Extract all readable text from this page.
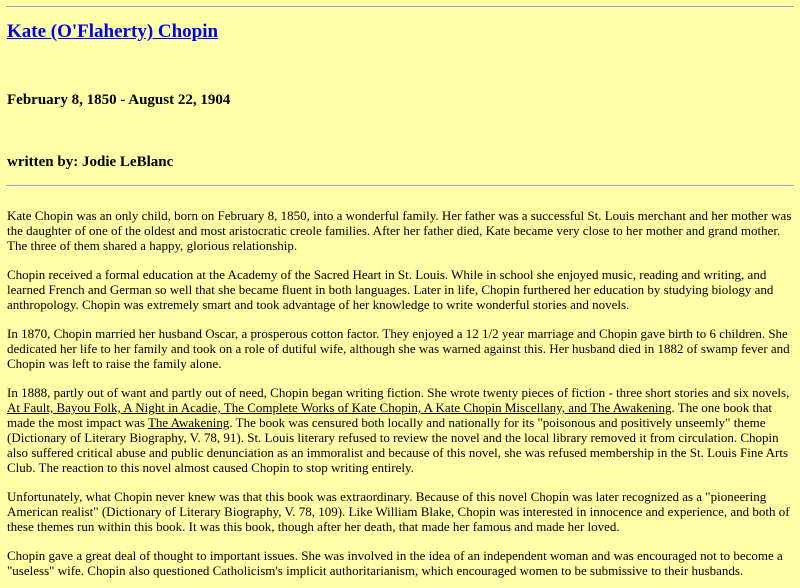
Kate (O'Flaherty) Chopin
February 8, 1850 - August 22, 1904
written by: Jodie LeBlanc

Kate Chopin was an only child, born on February 8, 1850, into a wonderful family. Her father was a successful St. Louis merchant and her mother was the daughter of one of the oldest and most aristocratic creole families. After her father died, Kate became very close to her mother and grand mother. The three of them shared a happy, glorious relationship.

Chopin received a formal education at the Academy of the Sacred Heart in St. Louis. While in school she enjoyed music, reading and writing, and learned French and German so well that she became fluent in both languages. Later in life, Chopin furthered her education by studying biology and anthropology. Chopin was extremely smart and took advantage of her knowledge to write wonderful stories and novels.

In 1870, Chopin married her husband Oscar, a prosperous cotton factor. They enjoyed a 12 1/2 year marriage and Chopin gave birth to 6 children. She dedicated her life to her family and took on a role of dutiful wife, although she was warned against this. Her husband died in 1882 of swamp fever and Chopin was left to raise the family alone.

In 1888, partly out of want and partly out of need, Chopin began writing fiction. She wrote twenty pieces of fiction - three short stories and six novels, At Fault, Bayou Folk, A Night in Acadie, The Complete Works of Kate Chopin, A Kate Chopin Miscellany, and The Awakening. The one book that made the most impact was The Awakening. The book was censured both locally and nationally for its "poisonous and positively unseemly" theme (Dictionary of Literary Biography, V. 78, 91). St. Louis literary refused to review the novel and the local library removed it from circulation. Chopin also suffered critical abuse and public denunciation as an immoralist and because of this novel, she was refused membership in the St. Louis Fine Arts Club. The reaction to this novel almost caused Chopin to stop writing entirely.

Unfortunately, what Chopin never knew was that this book was extraordinary. Because of this novel Chopin was later recognized as a "pioneering American realist" (Dictionary of Literary Biography, V. 78, 109). Like William Blake, Chopin was interested in innocence and experience, and both of these themes run within this book. It was this book, though after her death, that made her famous and made her loved.

Chopin gave a great deal of thought to important issues. She was involved in the idea of an independent woman and was encouraged not to become a "useless" wife. Chopin also questioned Catholicism's implicit authoritarianism, which encouraged women to be submissive to their husbands.
